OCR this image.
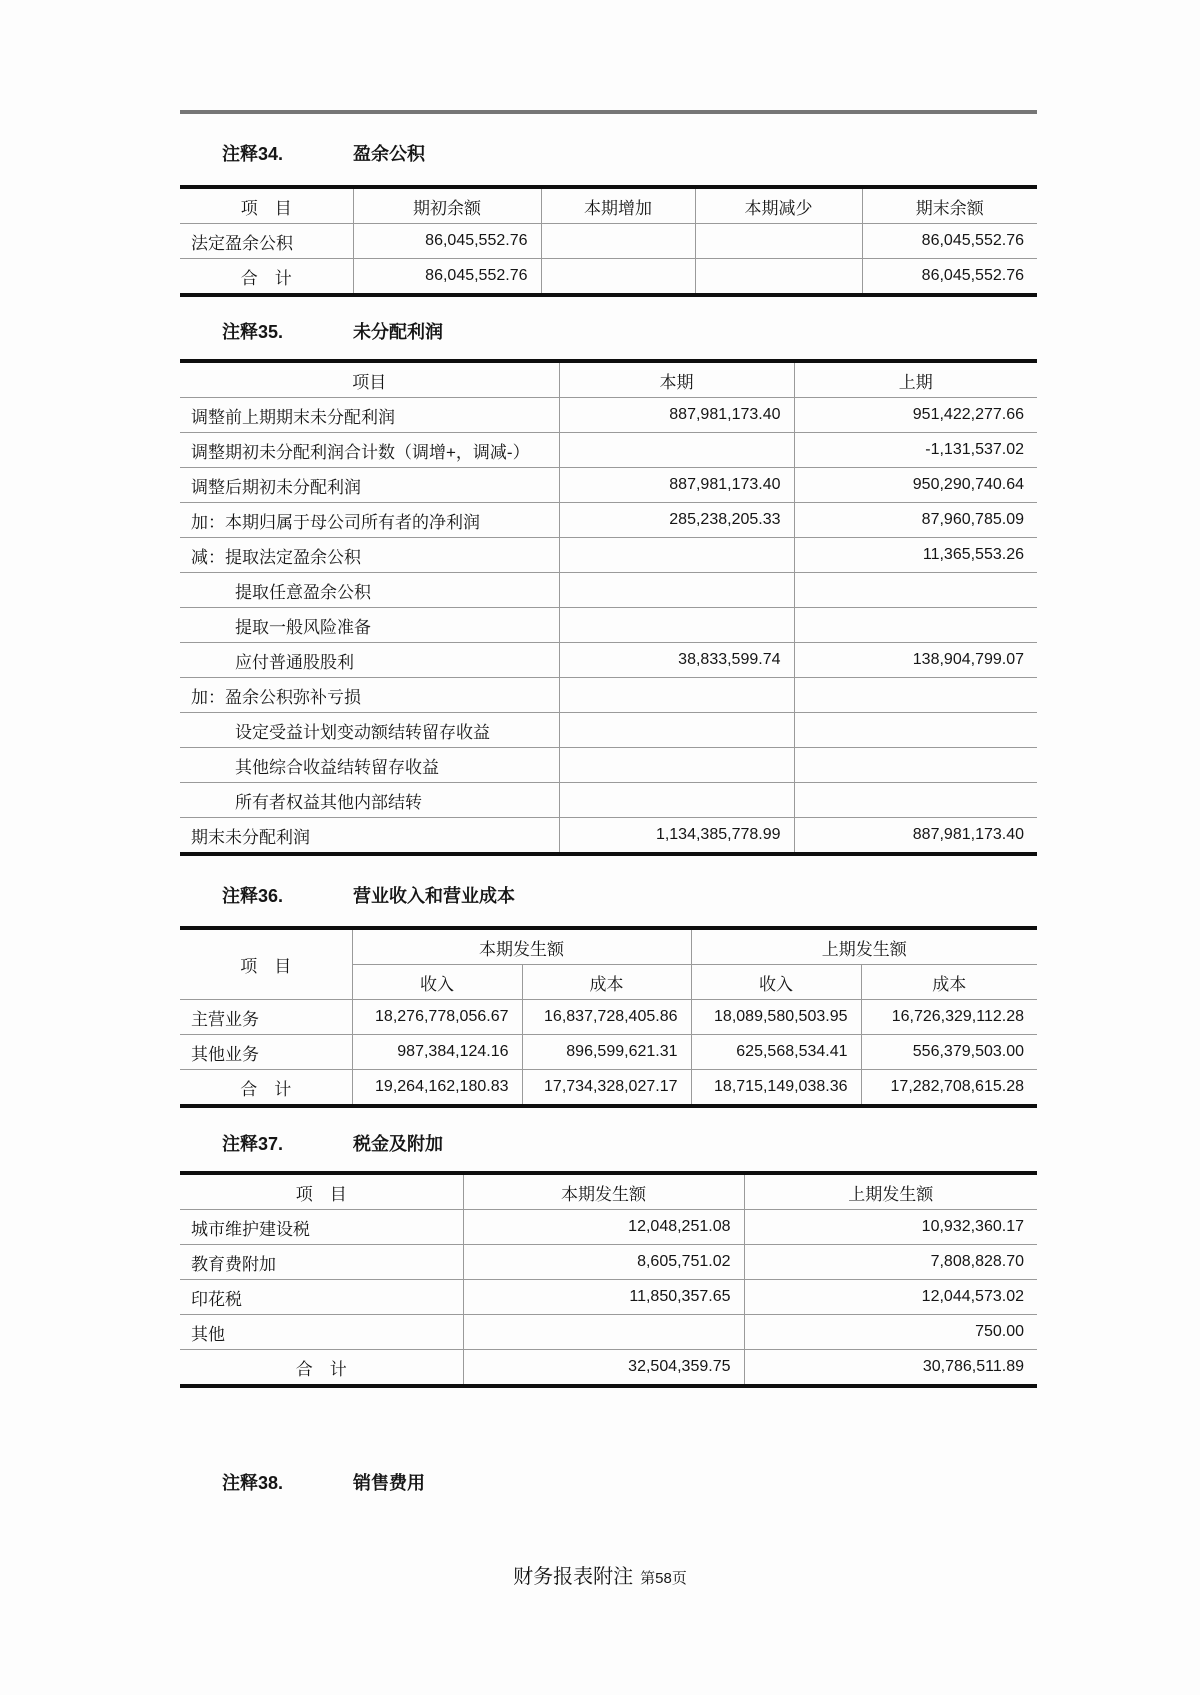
注释34.	盈余公积
项　目	期初余额	本期增加	本期减少	期末余额
法定盈余公积	86,045,552.76			86,045,552.76
合　计	86,045,552.76			86,045,552.76
注释35.	未分配利润
项目	本期	上期
调整前上期期末未分配利润	887,981,173.40	951,422,277.66
调整期初未分配利润合计数（调增+，调减-）		-1,131,537.02
调整后期初未分配利润	887,981,173.40	950,290,740.64
加：本期归属于母公司所有者的净利润	285,238,205.33	87,960,785.09
减：提取法定盈余公积		11,365,553.26
提取任意盈余公积		
提取一般风险准备		
应付普通股股利	38,833,599.74	138,904,799.07
加：盈余公积弥补亏损		
设定受益计划变动额结转留存收益		
其他综合收益结转留存收益		
所有者权益其他内部结转		
期末未分配利润	1,134,385,778.99	887,981,173.40
注释36.	营业收入和营业成本
项　目	本期发生额		上期发生额	
	收入	成本	收入	成本
主营业务	18,276,778,056.67	16,837,728,405.86	18,089,580,503.95	16,726,329,112.28
其他业务	987,384,124.16	896,599,621.31	625,568,534.41	556,379,503.00
合　计	19,264,162,180.83	17,734,328,027.17	18,715,149,038.36	17,282,708,615.28
注释37.	税金及附加
项　目	本期发生额	上期发生额
城市维护建设税	12,048,251.08	10,932,360.17
教育费附加	8,605,751.02	7,808,828.70
印花税	11,850,357.65	12,044,573.02
其他		750.00
合　计	32,504,359.75	30,786,511.89
注释38.	销售费用
财务报表附注 第58页
